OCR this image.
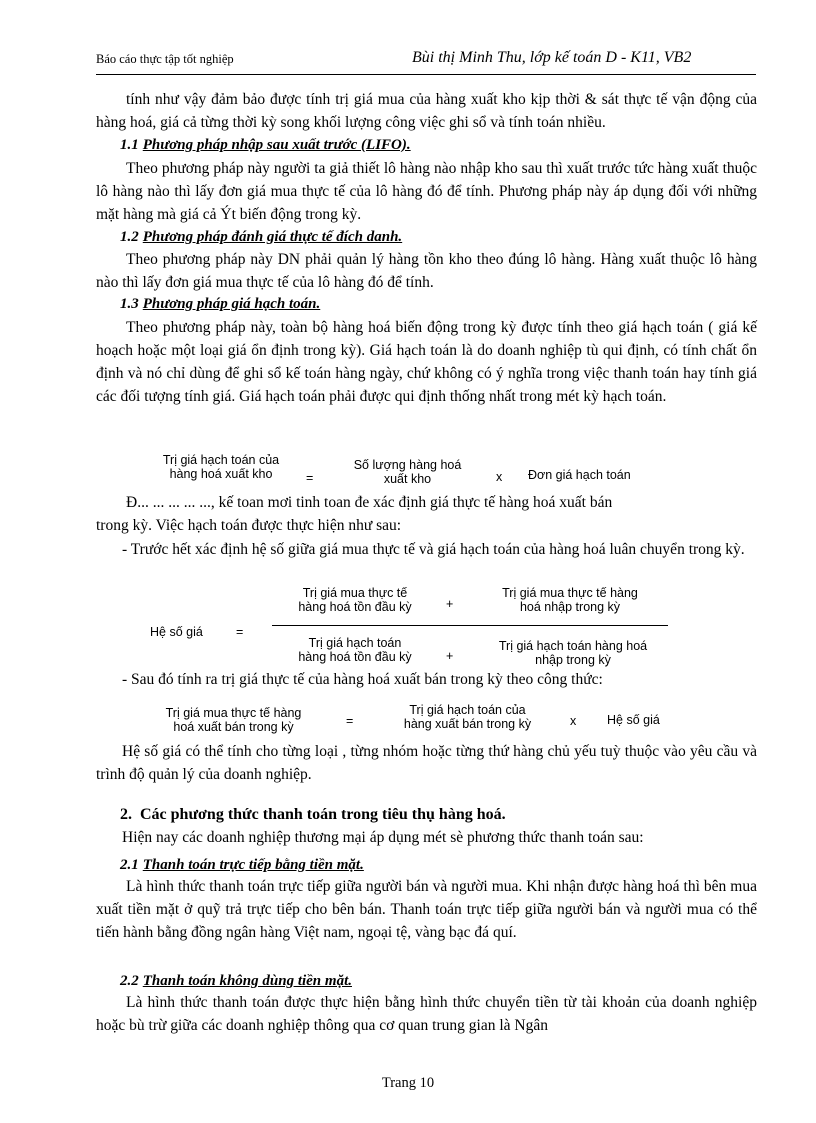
Báo cáo thực tập tốt nghiệp	Bùi thị Minh Thu, lớp kế toán D - K11, VB2
tính như vậy đảm bảo được tính trị giá mua của hàng xuất kho kịp thời & sát thực tế vận động của hàng hoá, giá cả từng thời kỳ song khối lượng công việc ghi sổ và tính toán nhiều.
1.1 Phương pháp nhập sau xuất trước (LIFO).
Theo phương pháp này người ta giả thiết lô hàng nào nhập kho sau thì xuất trước tức hàng xuất thuộc lô hàng nào thì lấy đơn giá mua thực tế của lô hàng đó để tính. Phương pháp này áp dụng đối với những mặt hàng mà giá cả Ýt biến động trong kỳ.
1.2 Phương pháp đánh giá thực tế đích danh.
Theo phương pháp này DN phải quản lý hàng tồn kho theo đúng lô hàng. Hàng xuất thuộc lô hàng nào thì lấy đơn giá mua thực tế của lô hàng đó để tính.
1.3 Phương pháp giá hạch toán.
Theo phương pháp này, toàn bộ hàng hoá biến động trong kỳ được tính theo giá hạch toán ( giá kế hoạch hoặc một loại giá ổn định trong kỳ). Giá hạch toán là do doanh nghiệp tù qui định, có tính chất ổn định và nó chỉ dùng để ghi sổ kế toán hàng ngày, chứ không có ý nghĩa trong việc thanh toán hay tính giá các đối tượng tính giá. Giá hạch toán phải được qui định thống nhất trong mét kỳ hạch toán.
Trị giá hạch toán của
hàng hoá xuất kho	=
Số lượng hàng hoá
xuất kho	x Đơn giá hạch toán
Đ... ... ... ... ..., kế toan mơi tinh toan đe xác định giá thực tế hàng hoá xuất bán
trong kỳ. Việc hạch toán được thực hiện như sau:
- Trước hết xác định hệ số giữa giá mua thực tế và giá hạch toán của hàng hoá luân chuyển trong kỳ.
Hệ số giá	=
Trị giá mua thực tế
hàng hoá tồn đầu kỳ	+
Trị giá mua thực tế hàng
hoá nhập trong kỳ
Trị giá hạch toán
hàng hoá tồn đầu kỳ	+
Trị giá hạch toán hàng hoá
nhập trong kỳ
- Sau đó tính ra trị giá thực tế của hàng hoá xuất bán trong kỳ theo công thức:
Trị giá mua thực tế hàng
hoá xuất bán trong kỳ	=
Trị giá hạch toán của
hàng xuất bán trong kỳ	x Hệ số giá
Hệ số giá có thể tính cho từng loại , từng nhóm hoặc từng thứ hàng chủ yếu tuỳ thuộc vào yêu cầu và trình độ quản lý của doanh nghiệp.
2. Các phương thức thanh toán trong tiêu thụ hàng hoá.
Hiện nay các doanh nghiệp thương mại áp dụng mét sè phương thức thanh toán sau:
2.1 Thanh toán trực tiếp bằng tiền mặt.
Là hình thức thanh toán trực tiếp giữa người bán và người mua. Khi nhận được hàng hoá thì bên mua xuất tiền mặt ở quỹ trả trực tiếp cho bên bán. Thanh toán trực tiếp giữa người bán và người mua có thể tiến hành bằng đồng ngân hàng Việt nam, ngoại tệ, vàng bạc đá quí.
2.2 Thanh toán không dùng tiền mặt.
Là hình thức thanh toán được thực hiện bằng hình thức chuyển tiền từ tài khoản của doanh nghiệp hoặc bù trừ giữa các doanh nghiệp thông qua cơ quan trung gian là Ngân
Trang 10
